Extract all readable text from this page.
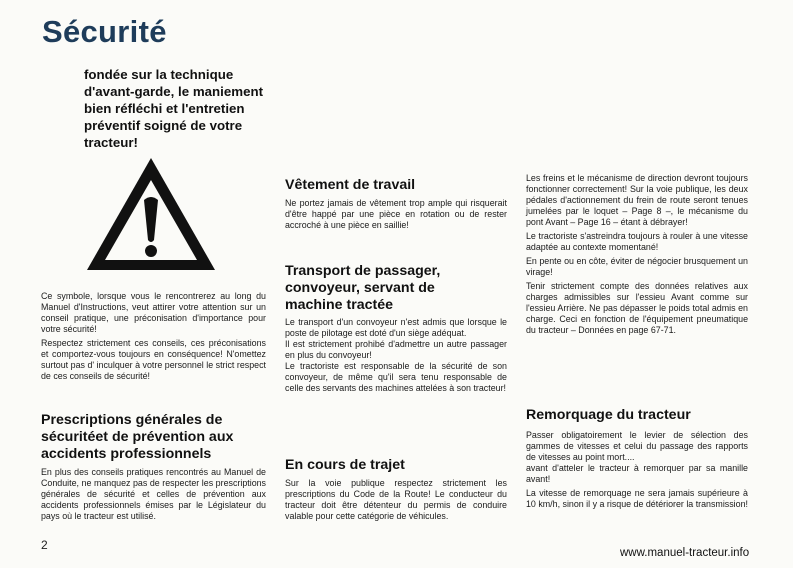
Sécurité
fondée sur la technique d'avant-garde, le maniement bien réfléchi et l'entretien préventif soigné de votre tracteur!
Ce symbole, lorsque vous le rencontrerez au long du Manuel d'Instructions, veut attirer votre attention sur un conseil pratique, une préconisation d'importance pour votre sécurité!
Respectez strictement ces conseils, ces préconisations et comportez-vous toujours en conséquence! N'omettez surtout pas d' inculquer à votre personnel le strict respect de ces conseils de sécurité!
Prescriptions générales de sécuritéet de prévention aux accidents professionnels
En plus des conseils pratiques rencontrés au Manuel de Conduite, ne manquez pas de respecter les prescriptions générales de sécurité et celles de prévention aux accidents professionnels émises par le Législateur du pays où le tracteur est utilisé.
Vêtement de travail
Ne portez jamais de vêtement trop ample qui risquerait d'être happé par une pièce en rotation ou de rester accroché à une pièce en saillie!
Transport de passager, convoyeur, servant de machine tractée
Le transport d'un convoyeur n'est admis que lorsque le poste de pilotage est doté d'un siège adéquat.
Il est strictement prohibé d'admettre un autre passager en plus du convoyeur!
Le tractoriste est responsable de la sécurité de son convoyeur, de même qu'il sera tenu responsable de celle des servants des machines attelées à son tracteur!
En cours de trajet
Sur la voie publique respectez strictement les prescriptions du Code de la Route! Le conducteur du tracteur doit être détenteur du permis de conduire valable pour cette catégorie de véhicules.
Les freins et le mécanisme de direction devront toujours fonctionner correctement! Sur la voie publique, les deux pédales d'actionnement du frein de route seront tenues jumelées par le loquet – Page 8 –, le mécanisme du pont Avant – Page 16 – étant à débrayer!
Le tractoriste s'astreindra toujours à rouler à une vitesse adaptée au contexte momentané!
En pente ou en côte, éviter de négocier brusquement un virage!
Tenir strictement compte des données relatives aux charges admissibles sur l'essieu Avant comme sur l'essieu Arrière. Ne pas dépasser le poids total admis en charge. Ceci en fonction de l'équipement pneumatique du tracteur – Données en page 67-71.
Remorquage du tracteur
Passer obligatoirement le levier de sélection des gammes de vitesses et celui du passage des rapports de vitesses au point mort....
avant d'atteler le tracteur à remorquer par sa manille avant!
La vitesse de remorquage ne sera jamais supérieure à 10 km/h, sinon il y a risque de détériorer la transmission!
2
www.manuel-tracteur.info
